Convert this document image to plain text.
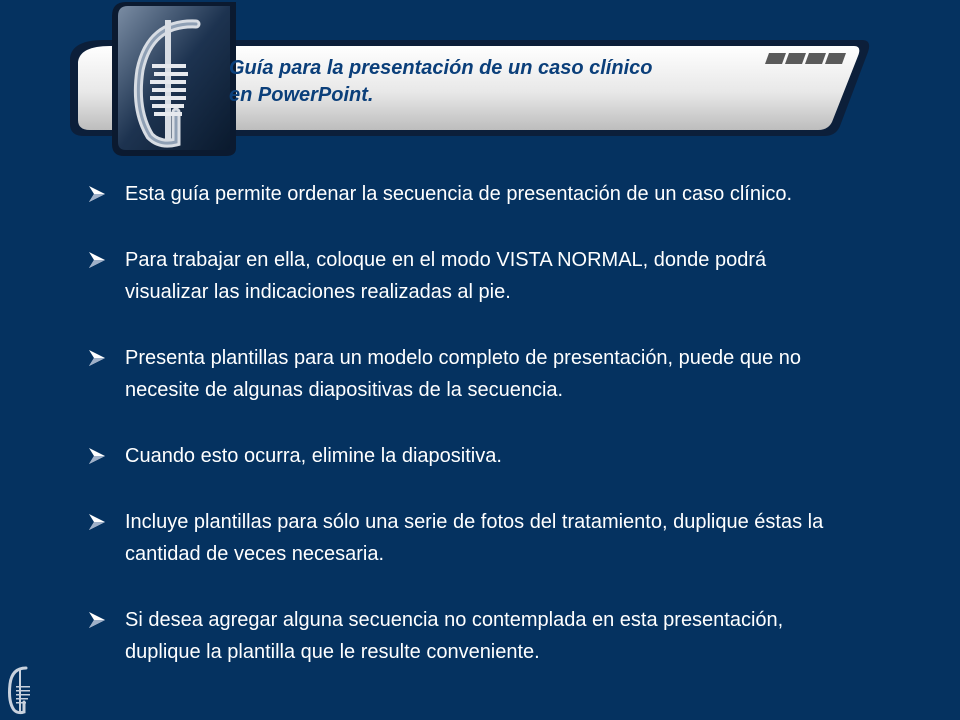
Guía para la presentación de un caso clínico
en PowerPoint.

Esta guía permite ordenar la secuencia de presentación de un caso clínico.
Para trabajar en ella, coloque en el modo VISTA NORMAL, donde podrá visualizar las indicaciones realizadas al pie.
Presenta plantillas para un modelo completo de presentación, puede que no necesite de algunas diapositivas de la secuencia.
Cuando esto ocurra, elimine la diapositiva.
Incluye plantillas para sólo una serie de fotos del tratamiento, duplique éstas la cantidad de veces necesaria.
Si desea agregar alguna secuencia no contemplada en esta presentación, duplique la plantilla que le resulte conveniente.
